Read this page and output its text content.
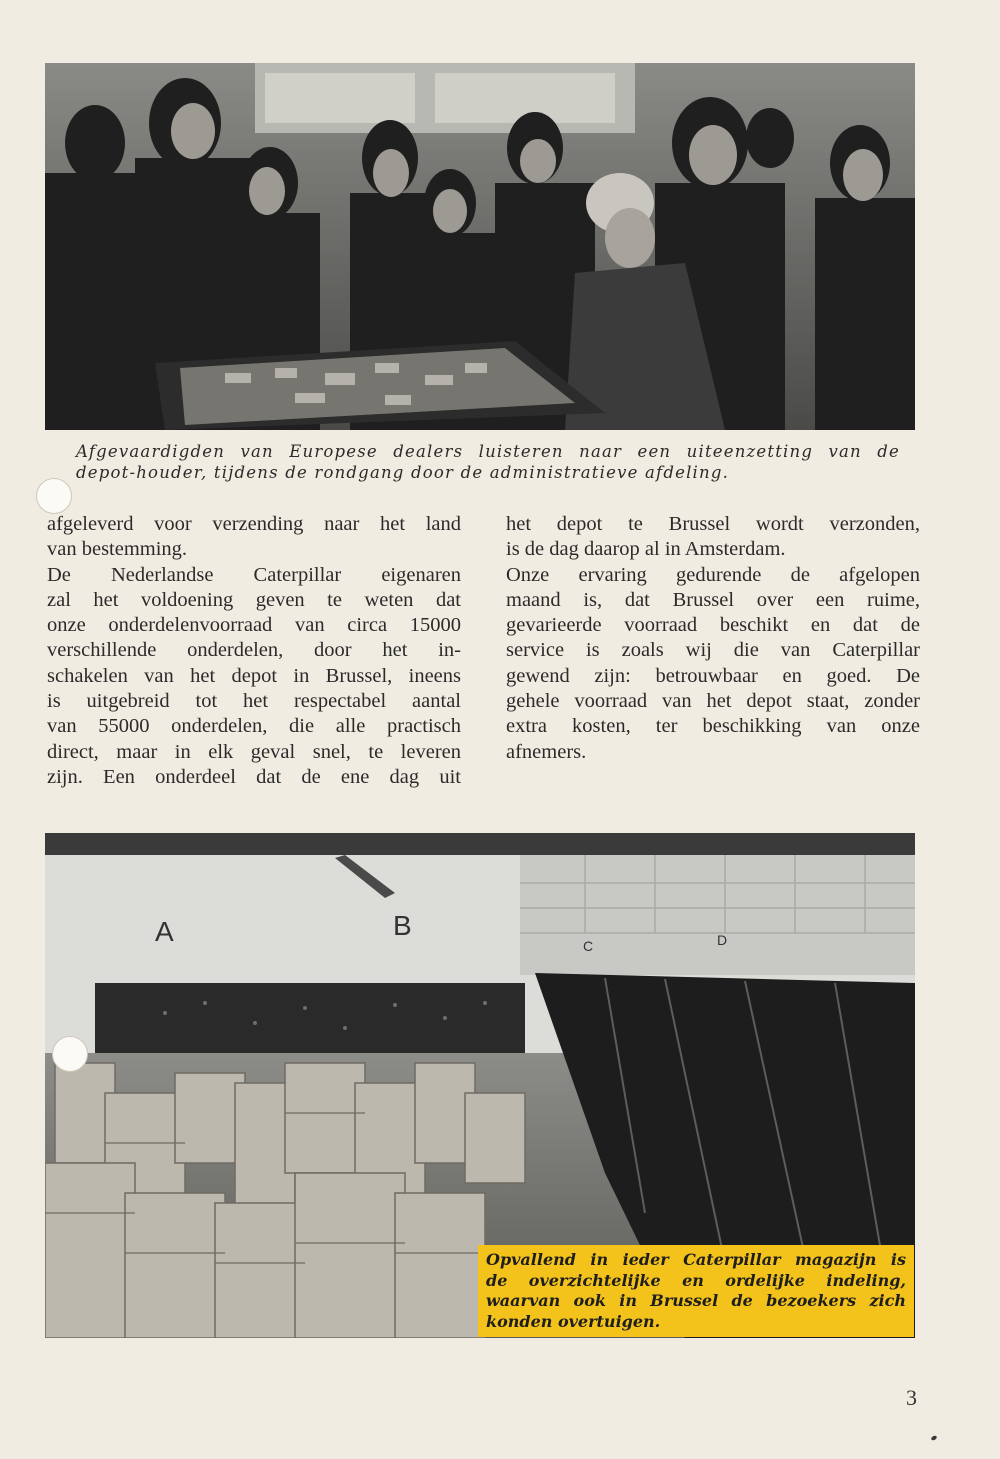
Afgevaardigden van Europese dealers luisteren naar een uiteenzetting van de
depot-houder, tijdens de rondgang door de administratieve afdeling.

afgeleverd voor verzending naar het land
van bestemming.
De Nederlandse Caterpillar eigenaren
zal het voldoening geven te weten dat
onze onderdelenvoorraad van circa 15000
verschillende onderdelen, door het in-
schakelen van het depot in Brussel, ineens
is uitgebreid tot het respectabel aantal
van 55000 onderdelen, die alle practisch
direct, maar in elk geval snel, te leveren
zijn. Een onderdeel dat de ene dag uit

het depot te Brussel wordt verzonden,
is de dag daarop al in Amsterdam.
Onze ervaring gedurende de afgelopen
maand is, dat Brussel over een ruime,
gevarieerde voorraad beschikt en dat de
service is zoals wij die van Caterpillar
gewend zijn: betrouwbaar en goed. De
gehele voorraad van het depot staat, zonder
extra kosten, ter beschikking van onze
afnemers.

A	B
C	D
Opvallend in ieder Caterpillar magazijn is
de overzichtelijke en ordelijke indeling,
waarvan ook in Brussel de bezoekers zich
konden overtuigen.
3
